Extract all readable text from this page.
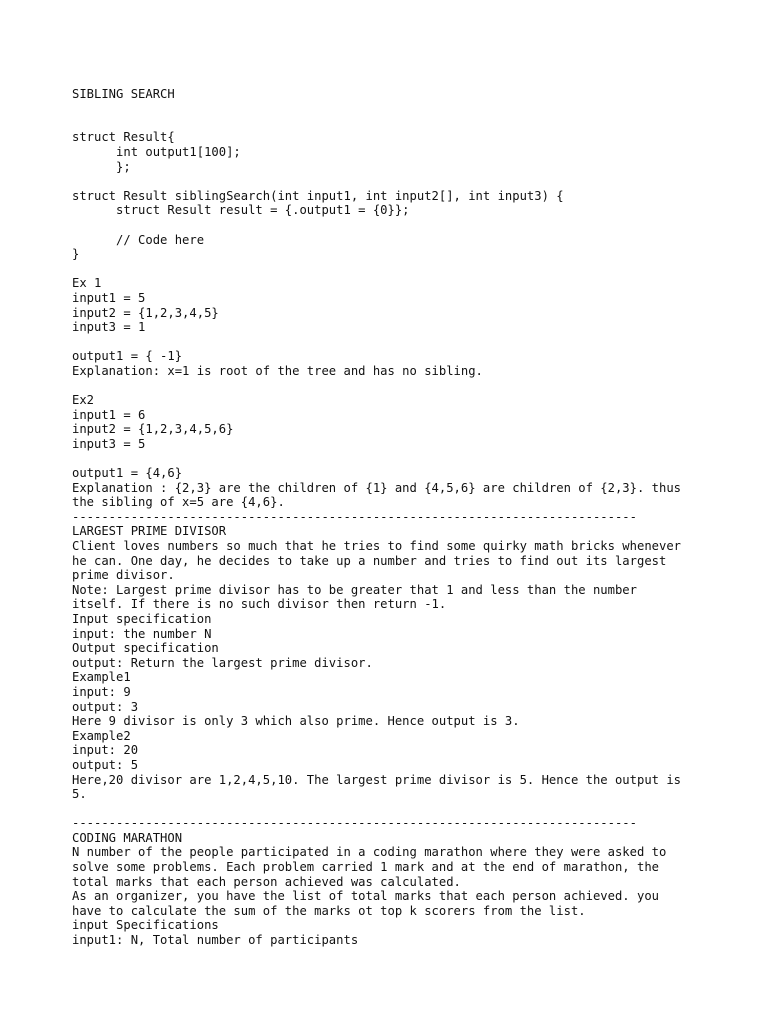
SIBLING SEARCH
struct Result{
int output1[100];
};
struct Result siblingSearch(int input1, int input2[], int input3) {
struct Result result = {.output1 = {0}};
// Code here
}
Ex 1
input1 = 5
input2 = {1,2,3,4,5}
input3 = 1
output1 = { -1}
Explanation: x=1 is root of the tree and has no sibling.
Ex2
input1 = 6
input2 = {1,2,3,4,5,6}
input3 = 5
output1 = {4,6}
Explanation : {2,3} are the children of {1} and {4,5,6} are children of {2,3}. thus
the sibling of x=5 are {4,6}.
-----------------------------------------------------------------------------
LARGEST PRIME DIVISOR
Client loves numbers so much that he tries to find some quirky math bricks whenever
he can. One day, he decides to take up a number and tries to find out its largest
prime divisor.
Note: Largest prime divisor has to be greater that 1 and less than the number
itself. If there is no such divisor then return -1.
Input specification
input: the number N
Output specification
output: Return the largest prime divisor.
Example1
input: 9
output: 3
Here 9 divisor is only 3 which also prime. Hence output is 3.
Example2
input: 20
output: 5
Here,20 divisor are 1,2,4,5,10. The largest prime divisor is 5. Hence the output is
5.
-----------------------------------------------------------------------------
CODING MARATHON
N number of the people participated in a coding marathon where they were asked to
solve some problems. Each problem carried 1 mark and at the end of marathon, the
total marks that each person achieved was calculated.
As an organizer, you have the list of total marks that each person achieved. you
have to calculate the sum of the marks ot top k scorers from the list.
input Specifications
input1: N, Total number of participants
